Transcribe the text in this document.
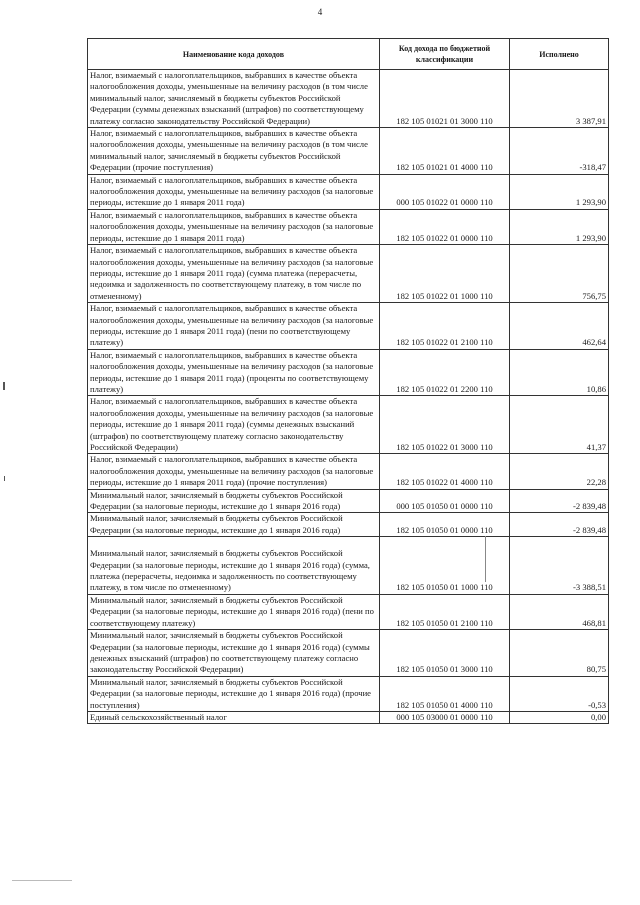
4
Наименование кода доходов	Код дохода по бюджетной классификации	Исполнено
Налог, взимаемый с налогоплательщиков, выбравших в качестве объекта налогообложения доходы, уменьшенные на величину расходов (в том числе минимальный налог, зачисляемый в бюджеты субъектов Российской Федерации (суммы денежных взысканий (штрафов) по соответствующему платежу согласно законодательству Российской Федерации)	182 105 01021 01 3000 110	3 387,91
Налог, взимаемый с налогоплательщиков, выбравших в качестве объекта налогообложения доходы, уменьшенные на величину расходов (в том числе минимальный налог, зачисляемый в бюджеты субъектов Российской Федерации (прочие поступления)	182 105 01021 01 4000 110	-318,47
Налог, взимаемый с налогоплательщиков, выбравших в качестве объекта налогообложения доходы, уменьшенные на величину расходов (за налоговые периоды, истекшие до 1 января 2011 года)	000 105 01022 01 0000 110	1 293,90
Налог, взимаемый с налогоплательщиков, выбравших в качестве объекта налогообложения доходы, уменьшенные на величину расходов (за налоговые периоды, истекшие до 1 января 2011 года)	182 105 01022 01 0000 110	1 293,90
Налог, взимаемый с налогоплательщиков, выбравших в качестве объекта налогообложения доходы, уменьшенные на величину расходов (за налоговые периоды, истекшие до 1 января 2011 года) (сумма платежа (перерасчеты, недоимка и задолженность по соответствующему платежу, в том числе по отмененному)	182 105 01022 01 1000 110	756,75
Налог, взимаемый с налогоплательщиков, выбравших в качестве объекта налогообложения доходы, уменьшенные на величину расходов (за налоговые периоды, истекшие до 1 января 2011 года) (пени по соответствующему платежу)	182 105 01022 01 2100 110	462,64
Налог, взимаемый с налогоплательщиков, выбравших в качестве объекта налогообложения доходы, уменьшенные на величину расходов (за налоговые периоды, истекшие до 1 января 2011 года) (проценты по соответствующему платежу)	182 105 01022 01 2200 110	10,86
Налог, взимаемый с налогоплательщиков, выбравших в качестве объекта налогообложения доходы, уменьшенные на величину расходов (за налоговые периоды, истекшие до 1 января 2011 года) (суммы денежных взысканий (штрафов) по соответствующему платежу согласно законодательству Российской Федерации)	182 105 01022 01 3000 110	41,37
Налог, взимаемый с налогоплательщиков, выбравших в качестве объекта налогообложения доходы, уменьшенные на величину расходов (за налоговые периоды, истекшие до 1 января 2011 года) (прочие поступления)	182 105 01022 01 4000 110	22,28
Минимальный налог, зачисляемый в бюджеты субъектов Российской Федерации (за налоговые периоды, истекшие до 1 января 2016 года)	000 105 01050 01 0000 110	-2 839,48
Минимальный налог, зачисляемый в бюджеты субъектов Российской Федерации (за налоговые периоды, истекшие до 1 января 2016 года)	182 105 01050 01 0000 110	-2 839,48
Минимальный налог, зачисляемый в бюджеты субъектов Российской Федерации (за налоговые периоды, истекшие до 1 января 2016 года) (сумма, платежа (перерасчеты, недоимка и задолженность по соответствующему платежу, в том числе по отмененному)	182 105 01050 01 1000 110	-3 388,51
Минимальный налог, зачисляемый в бюджеты субъектов Российской Федерации (за налоговые периоды, истекшие до 1 января 2016 года) (пени по соответствующему платежу)	182 105 01050 01 2100 110	468,81
Минимальный налог, зачисляемый в бюджеты субъектов Российской Федерации (за налоговые периоды, истекшие до 1 января 2016 года) (суммы денежных взысканий (штрафов) по соответствующему платежу согласно законодательству Российской Федерации)	182 105 01050 01 3000 110	80,75
Минимальный налог, зачисляемый в бюджеты субъектов Российской Федерации (за налоговые периоды, истекшие до 1 января 2016 года) (прочие поступления)	182 105 01050 01 4000 110	-0,53
Единый сельскохозяйственный налог	000 105 03000 01 0000 110	0,00
